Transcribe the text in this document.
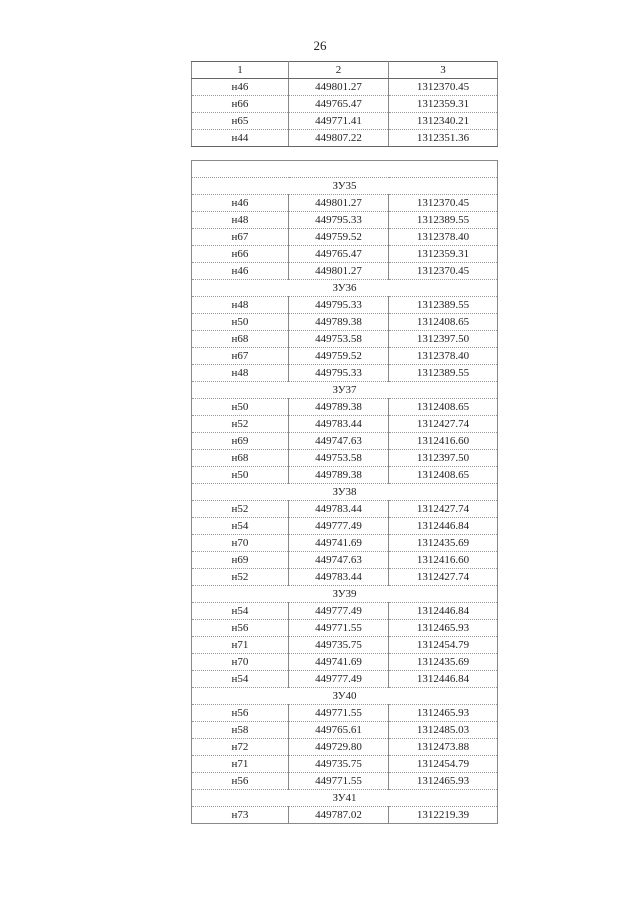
26
1	2	3
н46	449801.27	1312370.45
н66	449765.47	1312359.31
н65	449771.41	1312340.21
н44	449807.22	1312351.36

ЗУ35		
н46	449801.27	1312370.45
н48	449795.33	1312389.55
н67	449759.52	1312378.40
н66	449765.47	1312359.31
н46	449801.27	1312370.45
ЗУ36		
н48	449795.33	1312389.55
н50	449789.38	1312408.65
н68	449753.58	1312397.50
н67	449759.52	1312378.40
н48	449795.33	1312389.55
ЗУ37		
н50	449789.38	1312408.65
н52	449783.44	1312427.74
н69	449747.63	1312416.60
н68	449753.58	1312397.50
н50	449789.38	1312408.65
ЗУ38		
н52	449783.44	1312427.74
н54	449777.49	1312446.84
н70	449741.69	1312435.69
н69	449747.63	1312416.60
н52	449783.44	1312427.74
ЗУ39		
н54	449777.49	1312446.84
н56	449771.55	1312465.93
н71	449735.75	1312454.79
н70	449741.69	1312435.69
н54	449777.49	1312446.84
ЗУ40		
н56	449771.55	1312465.93
н58	449765.61	1312485.03
н72	449729.80	1312473.88
н71	449735.75	1312454.79
н56	449771.55	1312465.93
ЗУ41		
н73	449787.02	1312219.39
